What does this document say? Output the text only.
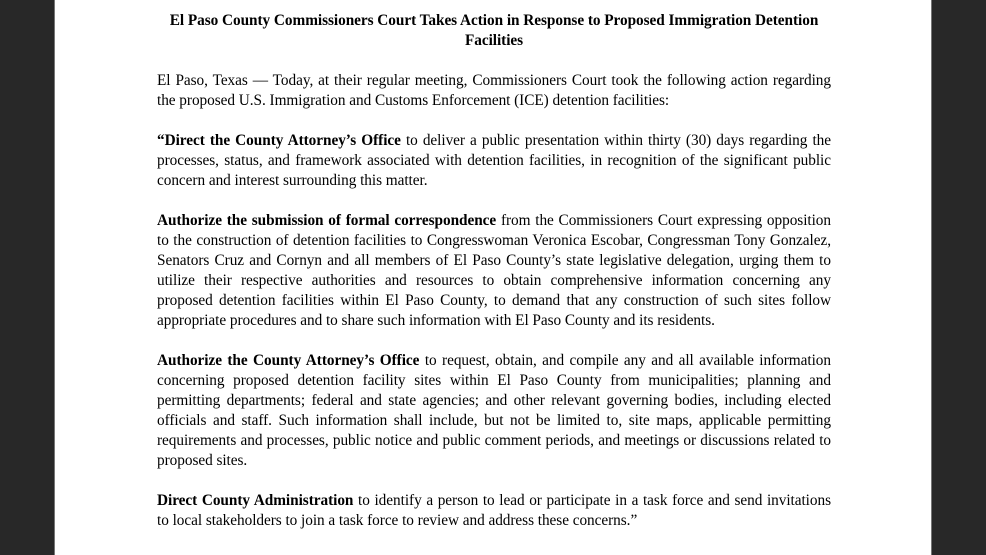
El Paso County Commissioners Court Takes Action in Response to Proposed Immigration Detention Facilities

El Paso, Texas — Today, at their regular meeting, Commissioners Court took the following action regarding the proposed U.S. Immigration and Customs Enforcement (ICE) detention facilities:

“Direct the County Attorney’s Office to deliver a public presentation within thirty (30) days regarding the processes, status, and framework associated with detention facilities, in recognition of the significant public concern and interest surrounding this matter.

Authorize the submission of formal correspondence from the Commissioners Court expressing opposition to the construction of detention facilities to Congresswoman Veronica Escobar, Congressman Tony Gonzalez, Senators Cruz and Cornyn and all members of El Paso County’s state legislative delegation, urging them to utilize their respective authorities and resources to obtain comprehensive information concerning any proposed detention facilities within El Paso County, to demand that any construction of such sites follow appropriate procedures and to share such information with El Paso County and its residents.

Authorize the County Attorney’s Office to request, obtain, and compile any and all available information concerning proposed detention facility sites within El Paso County from municipalities; planning and permitting departments; federal and state agencies; and other relevant governing bodies, including elected officials and staff. Such information shall include, but not be limited to, site maps, applicable permitting requirements and processes, public notice and public comment periods, and meetings or discussions related to proposed sites.

Direct County Administration to identify a person to lead or participate in a task force and send invitations to local stakeholders to join a task force to review and address these concerns.”
